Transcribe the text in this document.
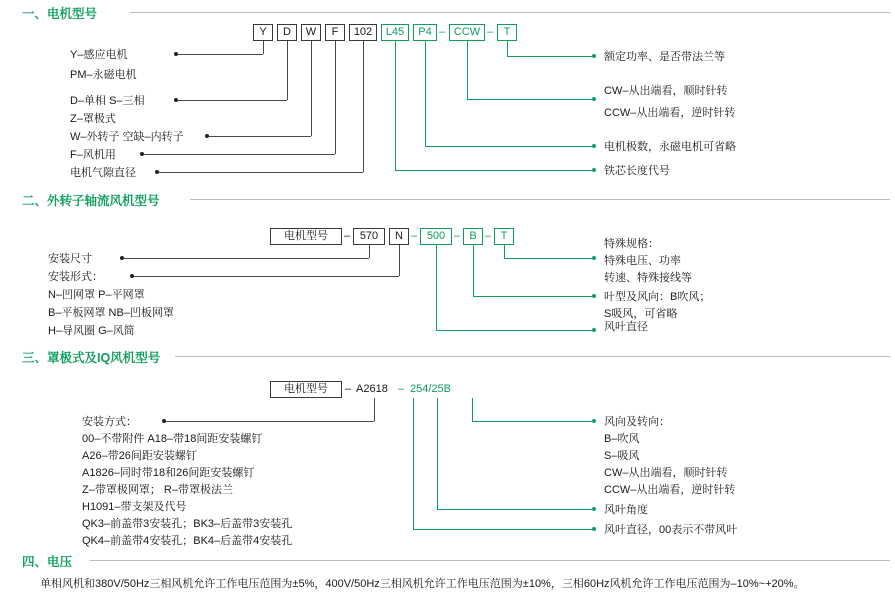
一、电机型号
Y	D	W	F	102	L45	P4 – CCW – T
Y–感应电机
PM–永磁电机
D–单相 S–三相
Z–罩极式
W–外转子 空缺–内转子
F–风机用
电机气隙直径
额定功率、是否带法兰等
CW–从出端看，顺时针转
CCW–从出端看，逆时针转
电机极数，永磁电机可省略
铁芯长度代号
二、外转子轴流风机型号
电机型号	– 570	N – 500 – B – T
安装尺寸
安装形式：
N–凹网罩 P–平网罩
B–平板网罩 NB–凹板网罩
H–导风圈 G–风简
特殊规格：
特殊电压、功率
转速、特殊接线等
叶型及风向：B吹风；
S吸风，可省略
风叶直径
三、罩极式及IQ风机型号
电机型号	– A2618 – 254/25B
安装方式：
00–不带附件 A18–带18间距安装螺钉
A26–带26间距安装螺钉
A1826–同时带18和26间距安装螺钉
Z–带罩极网罩； R–带罩极法兰
H1091–带支架及代号
QK3–前盖带3安装孔；BK3–后盖带3安装孔
QK4–前盖带4安装孔；BK4–后盖带4安装孔
风向及转向：
B–吹风
S–吸风
CW–从出端看，顺时针转
CCW–从出端看，逆时针转
风叶角度
风叶直径，00表示不带风叶
四、电压
单相风机和380V/50Hz三相风机允许工作电压范围为±5%，400V/50Hz三相风机允许工作电压范围为±10%，三相60Hz风机允许工作电压范围为–10%~+20%。
